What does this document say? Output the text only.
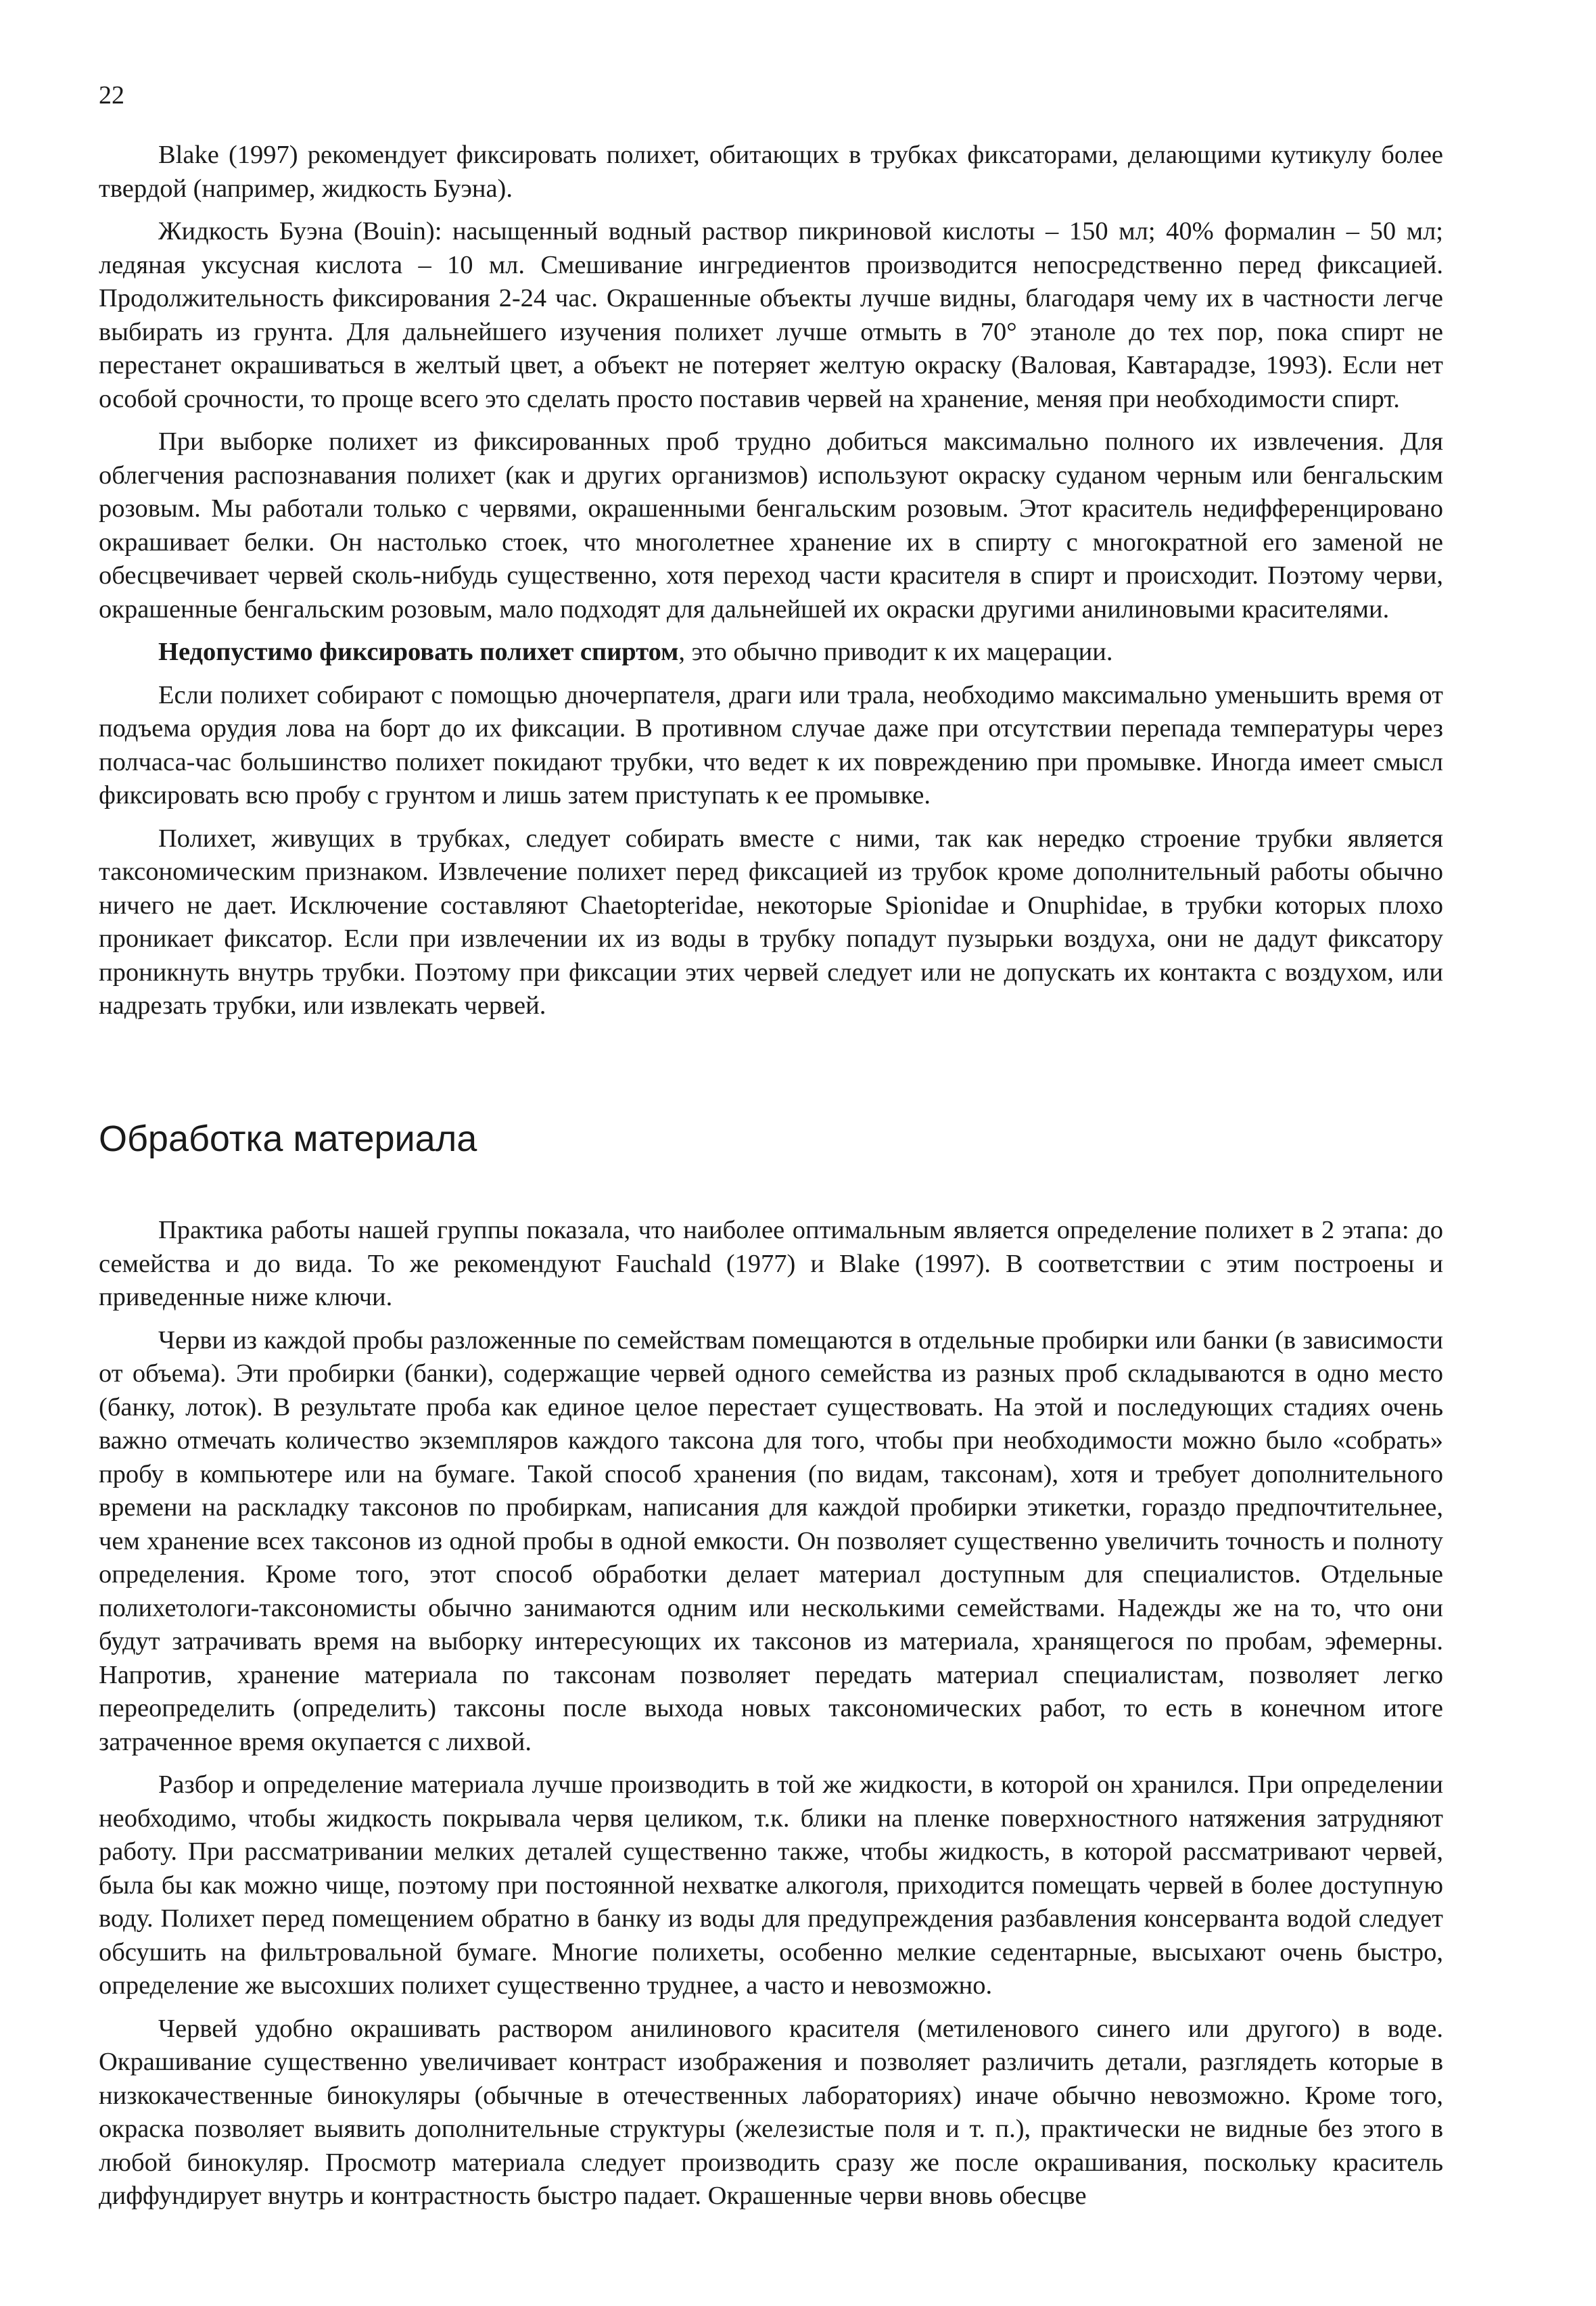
22

Blake (1997) рекомендует фиксировать полихет, обитающих в трубках фиксаторами, делающими кутикулу более твердой (например, жидкость Буэна).

Жидкость Буэна (Bouin): насыщенный водный раствор пикриновой кислоты – 150 мл; 40% формалин – 50 мл; ледяная уксусная кислота – 10 мл. Смешивание ингредиентов производится непосредственно перед фиксацией. Продолжительность фиксирования 2-24 час. Окрашенные объекты лучше видны, благодаря чему их в частности легче выбирать из грунта. Для дальнейшего изучения полихет лучше отмыть в 70° этаноле до тех пор, пока спирт не перестанет окрашиваться в желтый цвет, а объект не потеряет желтую окраску (Валовая, Кавтарадзе, 1993). Если нет особой срочности, то проще всего это сделать просто поставив червей на хранение, меняя при необходимости спирт.

При выборке полихет из фиксированных проб трудно добиться максимально полного их извлечения. Для облегчения распознавания полихет (как и других организмов) используют окраску суданом черным или бенгальским розовым. Мы работали только с червями, окрашенными бенгальским розовым. Этот краситель недифференцировано окрашивает белки. Он настолько стоек, что многолетнее хранение их в спирту с многократной его заменой не обесцвечивает червей сколь-нибудь существенно, хотя переход части красителя в спирт и происходит. Поэтому черви, окрашенные бенгальским розовым, мало подходят для дальнейшей их окраски другими анилиновыми красителями.

Недопустимо фиксировать полихет спиртом, это обычно приводит к их мацерации.

Если полихет собирают с помощью дночерпателя, драги или трала, необходимо максимально уменьшить время от подъема орудия лова на борт до их фиксации. В противном случае даже при отсутствии перепада температуры через полчаса-час большинство полихет покидают трубки, что ведет к их повреждению при промывке. Иногда имеет смысл фиксировать всю пробу с грунтом и лишь затем приступать к ее промывке.

Полихет, живущих в трубках, следует собирать вместе с ними, так как нередко строение трубки является таксономическим признаком. Извлечение полихет перед фиксацией из трубок кроме дополнительный работы обычно ничего не дает. Исключение составляют Chaetopteridae, некоторые Spionidae и Onuphidae, в трубки которых плохо проникает фиксатор. Если при извлечении их из воды в трубку попадут пузырьки воздуха, они не дадут фиксатору проникнуть внутрь трубки. Поэтому при фиксации этих червей следует или не допускать их контакта с воздухом, или надрезать трубки, или извлекать червей.

Обработка материала

Практика работы нашей группы показала, что наиболее оптимальным является определение полихет в 2 этапа: до семейства и до вида. То же рекомендуют Fauchald (1977) и Blake (1997). В соответствии с этим построены и приведенные ниже ключи.

Черви из каждой пробы разложенные по семействам помещаются в отдельные пробирки или банки (в зависимости от объема). Эти пробирки (банки), содержащие червей одного семейства из разных проб складываются в одно место (банку, лоток). В результате проба как единое целое перестает существовать. На этой и последующих стадиях очень важно отмечать количество экземпляров каждого таксона для того, чтобы при необходимости можно было «собрать» пробу в компьютере или на бумаге. Такой способ хранения (по видам, таксонам), хотя и требует дополнительного времени на раскладку таксонов по пробиркам, написания для каждой пробирки этикетки, гораздо предпочтительнее, чем хранение всех таксонов из одной пробы в одной емкости. Он позволяет существенно увеличить точность и полноту определения. Кроме того, этот способ обработки делает материал доступным для специалистов. Отдельные полихетологи-таксономисты обычно занимаются одним или несколькими семействами. Надежды же на то, что они будут затрачивать время на выборку интересующих их таксонов из материала, хранящегося по пробам, эфемерны. Напротив, хранение материала по таксонам позволяет передать материал специалистам, позволяет легко переопределить (определить) таксоны после выхода новых таксономических работ, то есть в конечном итоге затраченное время окупается с лихвой.

Разбор и определение материала лучше производить в той же жидкости, в которой он хранился. При определении необходимо, чтобы жидкость покрывала червя целиком, т.к. блики на пленке поверхностного натяжения затрудняют работу. При рассматривании мелких деталей существенно также, чтобы жидкость, в которой рассматривают червей, была бы как можно чище, поэтому при постоянной нехватке алкоголя, приходится помещать червей в более доступную воду. Полихет перед помещением обратно в банку из воды для предупреждения разбавления консерванта водой следует обсушить на фильтровальной бумаге. Многие полихеты, особенно мелкие седентарные, высыхают очень быстро, определение же высохших полихет существенно труднее, а часто и невозможно.

Червей удобно окрашивать раствором анилинового красителя (метиленового синего или другого) в воде. Окрашивание существенно увеличивает контраст изображения и позволяет различить детали, разглядеть которые в низкокачественные бинокуляры (обычные в отечественных лабораториях) иначе обычно невозможно. Кроме того, окраска позволяет выявить дополнительные структуры (железистые поля и т. п.), практически не видные без этого в любой бинокуляр. Просмотр материала следует производить сразу же после окрашивания, поскольку краситель диффундирует внутрь и контрастность быстро падает. Окрашенные черви вновь обесцве
